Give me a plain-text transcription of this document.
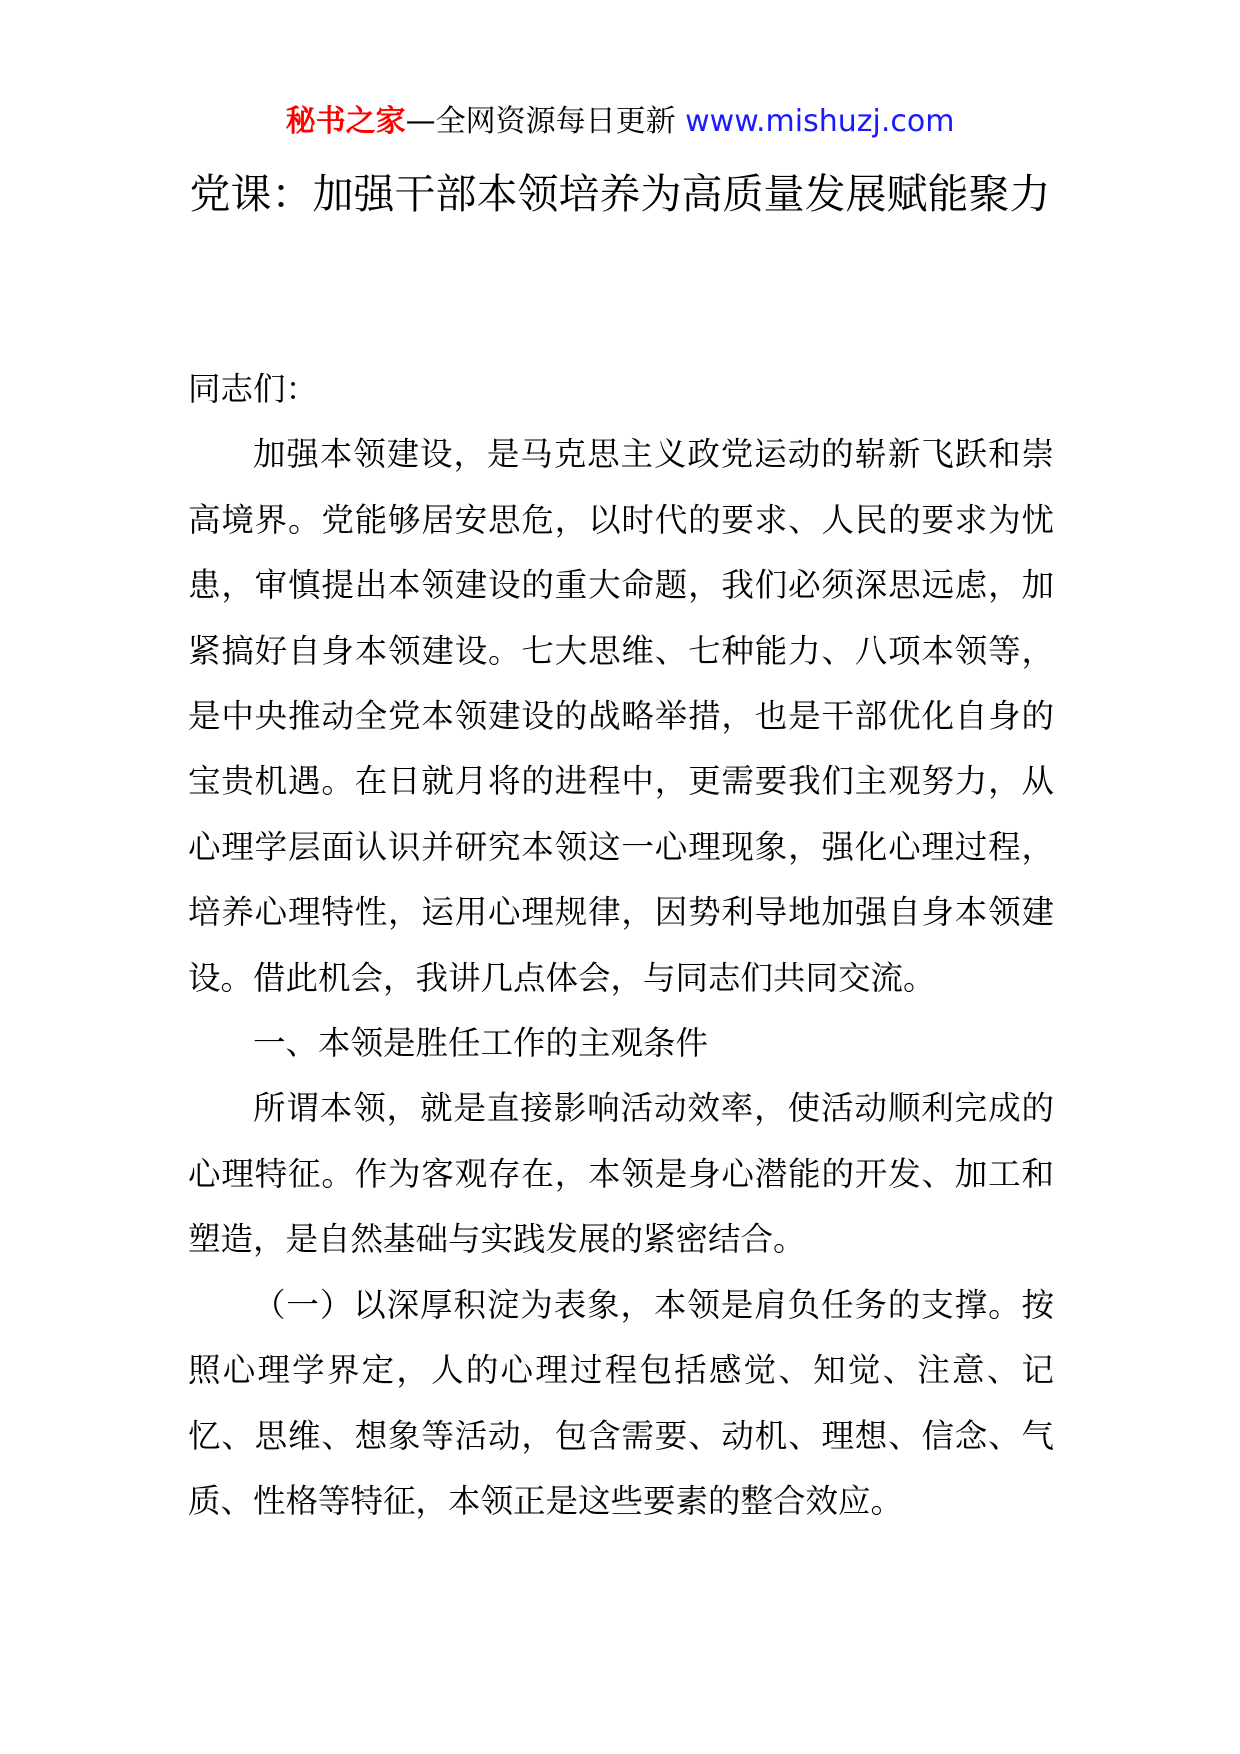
秘书之家—全网资源每日更新 www.mishuzj.com
党课：加强干部本领培养为高质量发展赋能聚力

同志们：

加强本领建设，是马克思主义政党运动的崭新飞跃和崇高境界。党能够居安思危，以时代的要求、人民的要求为忧患，审慎提出本领建设的重大命题，我们必须深思远虑，加紧搞好自身本领建设。七大思维、七种能力、八项本领等，是中央推动全党本领建设的战略举措，也是干部优化自身的宝贵机遇。在日就月将的进程中，更需要我们主观努力，从心理学层面认识并研究本领这一心理现象，强化心理过程，培养心理特性，运用心理规律，因势利导地加强自身本领建设。借此机会，我讲几点体会，与同志们共同交流。

一、本领是胜任工作的主观条件

所谓本领，就是直接影响活动效率，使活动顺利完成的心理特征。作为客观存在，本领是身心潜能的开发、加工和塑造，是自然基础与实践发展的紧密结合。

（一）以深厚积淀为表象，本领是肩负任务的支撑。按照心理学界定，人的心理过程包括感觉、知觉、注意、记忆、思维、想象等活动，包含需要、动机、理想、信念、气质、性格等特征，本领正是这些要素的整合效应。
